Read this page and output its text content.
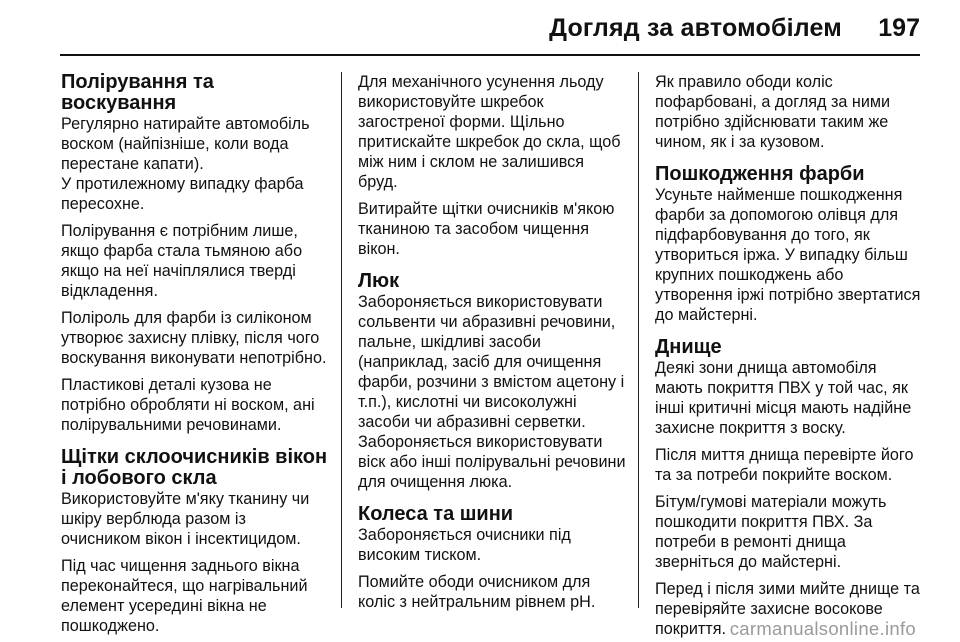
Догляд за автомобілем 197

Полірування та воскування

Регулярно натирайте автомобіль воском (найпізніше, коли вода перестане капати).

У протилежному випадку фарба пересохне.

Полірування є потрібним лише, якщо фарба стала тьмяною або якщо на неї начіплялися тверді відкладення.

Поліроль для фарби із силіконом утворює захисну плівку, після чого воскування виконувати непотрібно.

Пластикові деталі кузова не потрібно обробляти ні воском, ані полірувальними речовинами.

Щітки склоочисників вікон

і лобового скла

Використовуйте м'яку тканину чи шкіру верблюда разом із очисником вікон і інсектицидом.

Під час чищення заднього вікна переконайтеся, що нагрівальний елемент усередині вікна не пошкоджено.

Для механічного усунення льоду використовуйте шкребок загостреної форми. Щільно притискайте шкребок до скла, щоб між ним і склом не залишився бруд.

Витирайте щітки очисників м'якою тканиною та засобом чищення вікон.

Люк

Забороняється використовувати сольвенти чи абразивні речовини, пальне, шкідливі засоби (наприклад, засіб для очищення фарби, розчини з вмістом ацетону і т.п.), кислотні чи високолужні засоби чи абразивні серветки. Забороняється використовувати віск або інші полірувальні речовини для очищення люка.

Колеса та шини

Забороняється очисники під високим тиском.

Помийте ободи очисником для коліс з нейтральним рівнем pH.

Як правило ободи коліс пофарбовані, а догляд за ними потрібно здійснювати таким же чином, як і за кузовом.

Пошкодження фарби

Усуньте найменше пошкодження фарби за допомогою олівця для підфарбовування до того, як утвориться іржа. У випадку більш крупних пошкоджень або утворення іржі потрібно звертатися до майстерні.

Днище

Деякі зони днища автомобіля мають покриття ПВХ у той час, як інші критичні місця мають надійне захисне покриття з воску.

Після миття днища перевірте його та за потреби покрийте воском.

Бітум/гумові матеріали можуть пошкодити покриття ПВХ. За потреби в ремонті днища зверніться до майстерні.

Перед і після зими мийте днище та перевіряйте захисне восокове покриття. carmanualsonline.info
